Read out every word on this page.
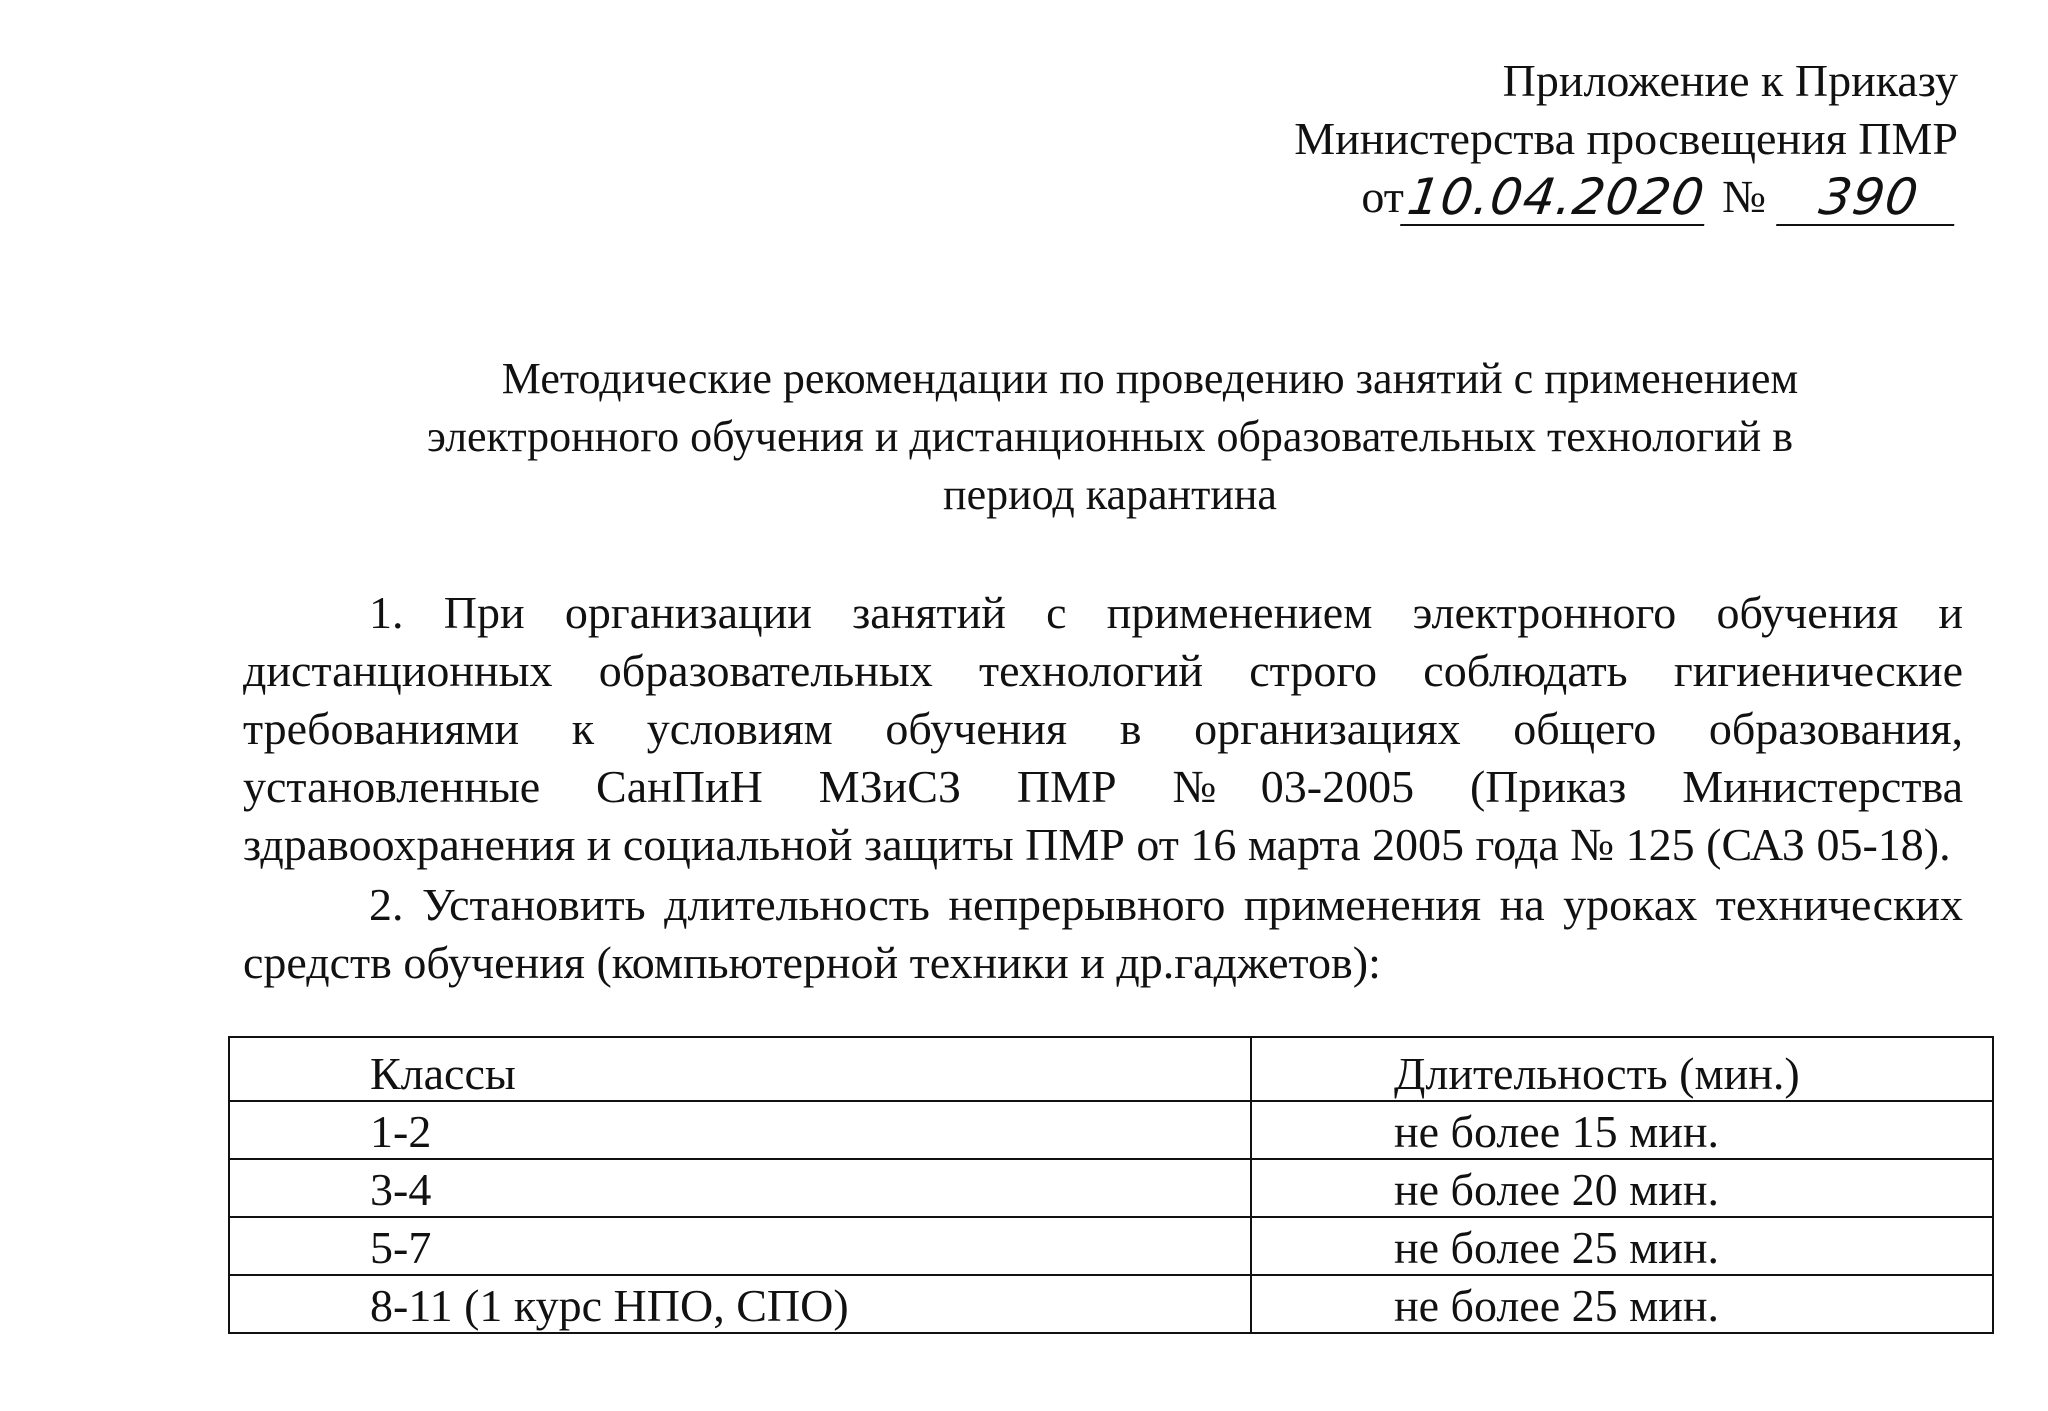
Приложение к Приказу
Министерства просвещения ПМР
от 10.04.2020 № 390
Методические рекомендации по проведению занятий с применением
электронного обучения и дистанционных образовательных технологий в
период карантина

1. При организации занятий с применением электронного обучения и дистанционных образовательных технологий строго соблюдать гигиенические требованиями к условиям обучения в организациях общего образования, установленные СанПиН МЗиСЗ ПМР №03-2005 (Приказ Министерства здравоохранения и социальной защиты ПМР от 16 марта 2005 года № 125 (САЗ 05-18).

2. Установить длительность непрерывного применения на уроках технических средств обучения (компьютерной техники и др.гаджетов):

Классы	Длительность (мин.)
1-2	не более 15 мин.
3-4	не более 20 мин.
5-7	не более 25 мин.
8-11 (1 курс НПО, СПО)	не более 25 мин.
